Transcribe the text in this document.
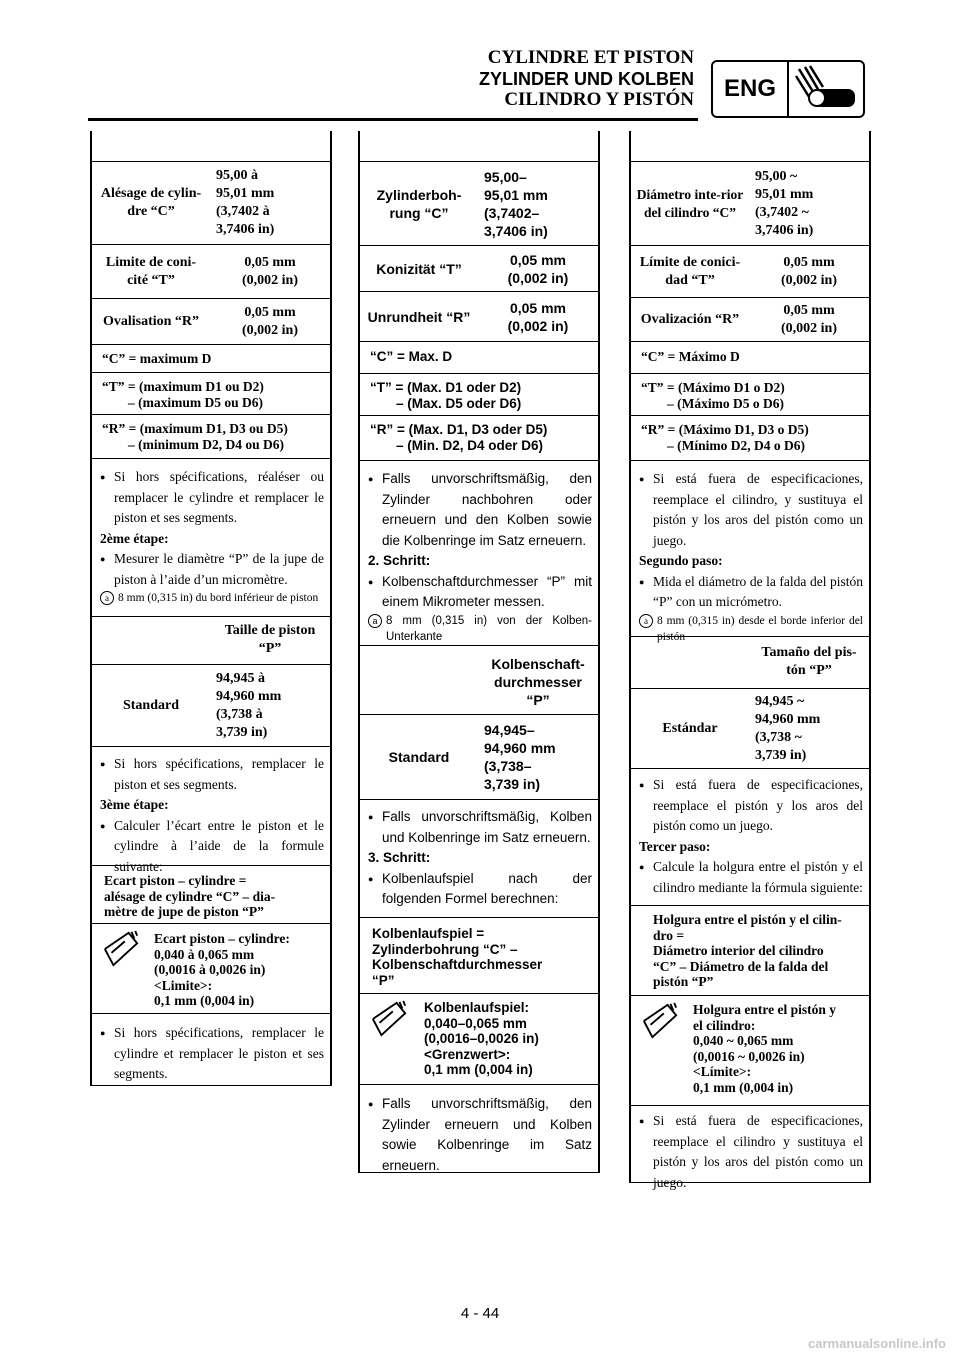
CYLINDRE ET PISTON
ZYLINDER UND KOLBEN
CILINDRO Y PISTÓN	ENG
Alésage de cylin-dre “C”
95,00 à
95,01 mm
(3,7402 à
3,7406 in)
Limite de coni-cité “T”
0,05 mm
(0,002 in)
Ovalisation “R”
0,05 mm
(0,002 in)
“C” = maximum D
“T” = (maximum D1 ou D2)
– (maximum D5 ou D6)
“R” = (maximum D1, D3 ou D5)
– (minimum D2, D4 ou D6)
● Si hors spécifications, réaléser ou remplacer le cylindre et remplacer le piston et ses segments.
2ème étape:
● Mesurer le diamètre “P” de la jupe de piston à l’aide d’un micromètre.
a 8 mm (0,315 in) du bord inférieur de piston
Taille de piston
“P”
Standard
94,945 à
94,960 mm
(3,738 à
3,739 in)
● Si hors spécifications, remplacer le piston et ses segments.
3ème étape:
● Calculer l’écart entre le piston et le cylindre à l’aide de la formule suivante:
Ecart piston – cylindre =
alésage de cylindre “C” – dia-
mètre de jupe de piston “P”
Ecart piston – cylindre:
0,040 à 0,065 mm
(0,0016 à 0,0026 in)
<Limite>:
0,1 mm (0,004 in)
● Si hors spécifications, remplacer le cylindre et remplacer le piston et ses segments.
Zylinderboh-rung “C”
95,00–
95,01 mm
(3,7402–
3,7406 in)
Konizität “T”
0,05 mm
(0,002 in)
Unrundheit “R”
0,05 mm
(0,002 in)
“C” = Max. D
“T” = (Max. D1 oder D2)
– (Max. D5 oder D6)
“R” = (Max. D1, D3 oder D5)
– (Min. D2, D4 oder D6)
● Falls unvorschriftsmäßig, den Zylinder nachbohren oder erneuern und den Kolben sowie die Kolbenringe im Satz erneuern.
2. Schritt:
● Kolbenschaftdurchmesser “P” mit einem Mikrometer messen.
a 8 mm (0,315 in) von der Kolben-Unterkante
Kolbenschaft-
durchmesser
“P”
Standard
94,945–
94,960 mm
(3,738–
3,739 in)
● Falls unvorschriftsmäßig, Kolben und Kolbenringe im Satz erneuern.
3. Schritt:
● Kolbenlaufspiel nach der folgenden Formel berechnen:
Kolbenlaufspiel =
Zylinderbohrung “C” –
Kolbenschaftdurchmesser
“P”
Kolbenlaufspiel:
0,040–0,065 mm
(0,0016–0,0026 in)
<Grenzwert>:
0,1 mm (0,004 in)
● Falls unvorschriftsmäßig, den Zylinder erneuern und Kolben sowie Kolbenringe im Satz erneuern.
Diámetro inte-rior del cilindro “C”
95,00 ~
95,01 mm
(3,7402 ~
3,7406 in)
Límite de conici-dad “T”
0,05 mm
(0,002 in)
Ovalización “R”
0,05 mm
(0,002 in)
“C” = Máximo D
“T” = (Máximo D1 o D2)
– (Máximo D5 o D6)
“R” = (Máximo D1, D3 o D5)
– (Mínimo D2, D4 o D6)
● Si está fuera de especificaciones, reemplace el cilindro, y sustituya el pistón y los aros del pistón como un juego.
Segundo paso:
● Mida el diámetro de la falda del pistón “P” con un micrómetro.
a 8 mm (0,315 in) desde el borde inferior del pistón
Tamaño del pis-
tón “P”
Estándar
94,945 ~
94,960 mm
(3,738 ~
3,739 in)
● Si está fuera de especificaciones, reemplace el pistón y los aros del pistón como un juego.
Tercer paso:
● Calcule la holgura entre el pistón y el cilindro mediante la fórmula siguiente:
Holgura entre el pistón y el cilin-
dro =
Diámetro interior del cilindro
“C” – Diámetro de la falda del
pistón “P”
Holgura entre el pistón y
el cilindro:
0,040 ~ 0,065 mm
(0,0016 ~ 0,0026 in)
<Límite>:
0,1 mm (0,004 in)
● Si está fuera de especificaciones, reemplace el cilindro y sustituya el pistón y los aros del pistón como un juego.
4 - 44
carmanualsonline.info
